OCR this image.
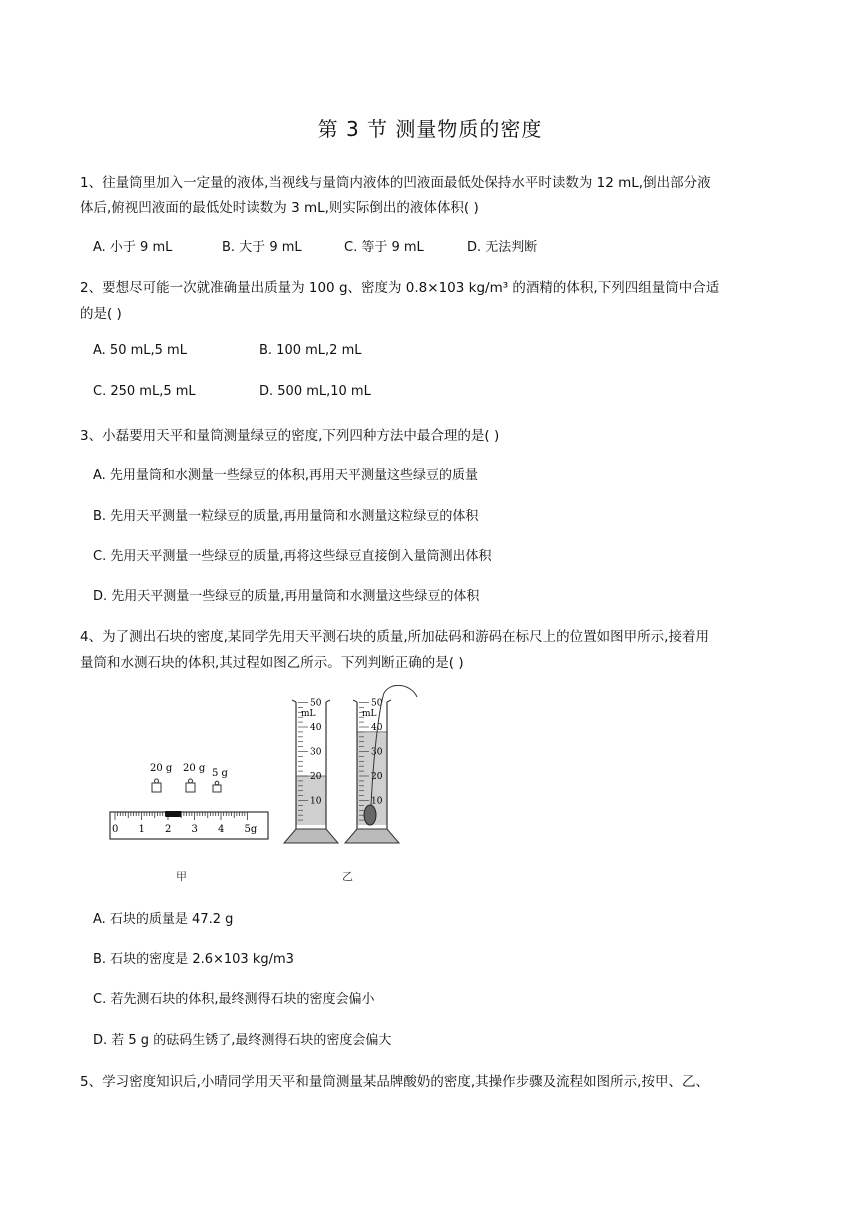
第 3 节 测量物质的密度
1、往量筒里加入一定量的液体,当视线与量筒内液体的凹液面最低处保持水平时读数为 12 mL,倒出部分液
体后,俯视凹液面的最低处时读数为 3 mL,则实际倒出的液体体积( )
A. 小于 9 mL	B. 大于 9 mL	C. 等于 9 mL	D. 无法判断
2、要想尽可能一次就准确量出质量为 100 g、密度为 0.8×103 kg/m³ 的酒精的体积,下列四组量筒中合适
的是( )
A. 50 mL,5 mL	B. 100 mL,2 mL
C. 250 mL,5 mL	D. 500 mL,10 mL
3、小磊要用天平和量筒测量绿豆的密度,下列四种方法中最合理的是( )
A. 先用量筒和水测量一些绿豆的体积,再用天平测量这些绿豆的质量
B. 先用天平测量一粒绿豆的质量,再用量筒和水测量这粒绿豆的体积
C. 先用天平测量一些绿豆的质量,再将这些绿豆直接倒入量筒测出体积
D. 先用天平测量一些绿豆的质量,再用量筒和水测量这些绿豆的体积
4、为了测出石块的密度,某同学先用天平测石块的质量,所加砝码和游码在标尺上的位置如图甲所示,接着用
量筒和水测石块的体积,其过程如图乙所示。下列判断正确的是( )
20 g 20 g 5 g
0 1 2 3 4 5g
50
40
30
20
10
mL
50
40
30
20
10
mL
甲	乙
A. 石块的质量是 47.2 g
B. 石块的密度是 2.6×103 kg/m3
C. 若先测石块的体积,最终测得石块的密度会偏小
D. 若 5 g 的砝码生锈了,最终测得石块的密度会偏大
5、学习密度知识后,小晴同学用天平和量筒测量某品牌酸奶的密度,其操作步骤及流程如图所示,按甲、乙、
